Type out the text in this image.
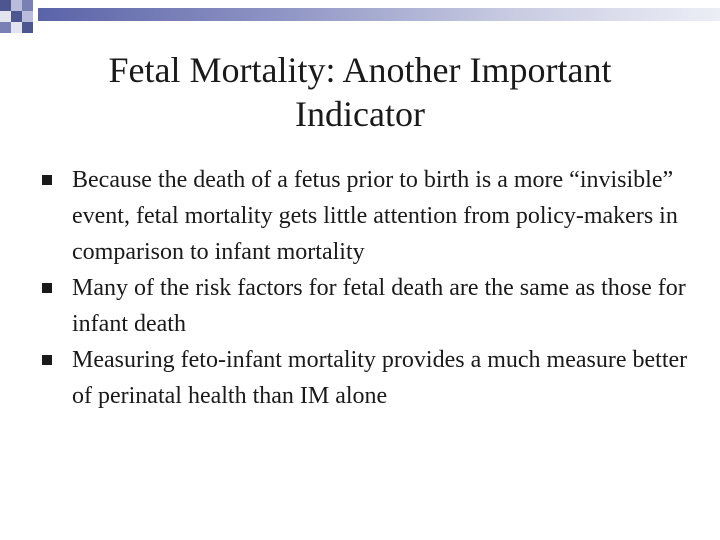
Fetal Mortality: Another Important Indicator
Because the death of a fetus prior to birth is a more “invisible” event, fetal mortality gets little attention from policy-makers in comparison to infant mortality
Many of the risk factors for fetal death are the same as those for infant death
Measuring feto-infant mortality provides a much measure better of perinatal health than IM alone
